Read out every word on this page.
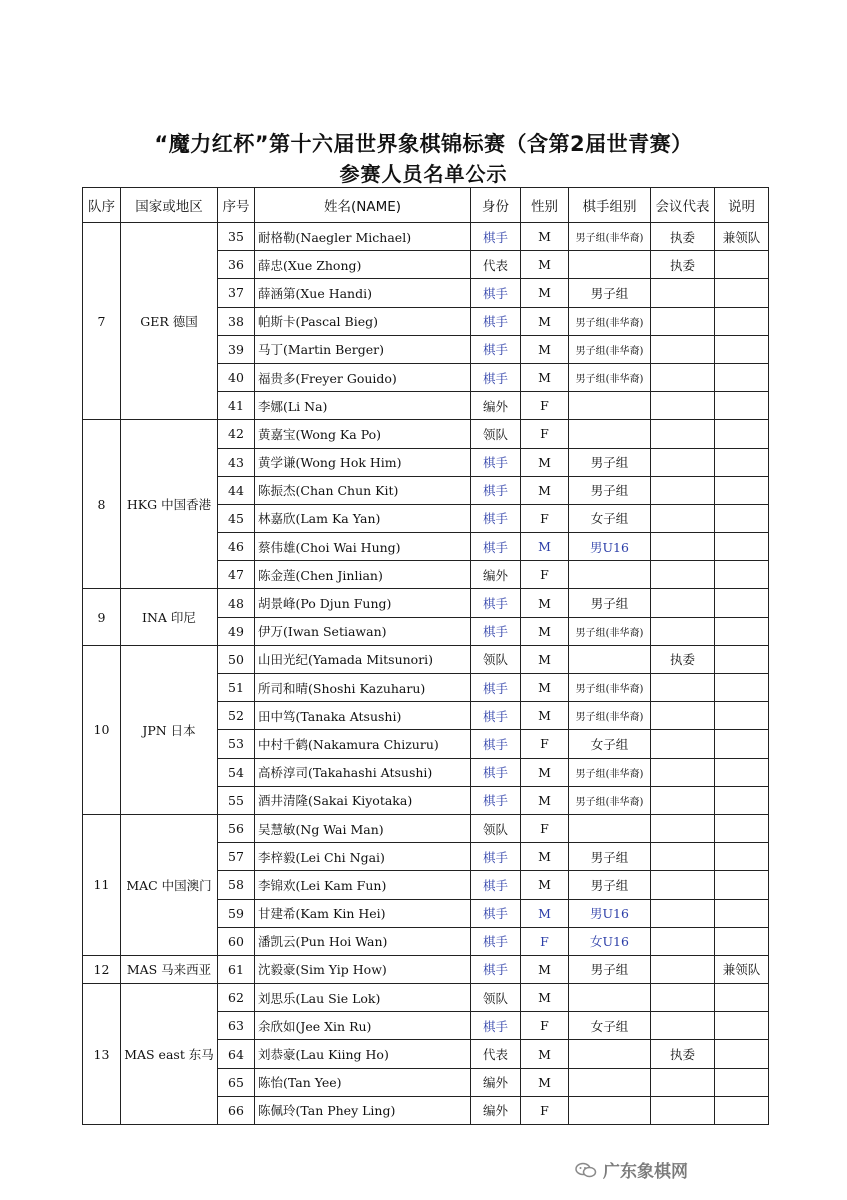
“魔力红杯”第十六届世界象棋锦标赛（含第2届世青赛）
参赛人员名单公示
队序	国家或地区	序号	姓名(NAME)	身份	性别	棋手组别	会议代表	说明
7	GER 德国	35	耐格勒(Naegler Michael)	棋手	M	男子组(非华裔)	执委	兼领队
		36	薛忠(Xue Zhong)	代表	M		执委	
		37	薛涵第(Xue Handi)	棋手	M	男子组		
		38	帕斯卡(Pascal Bieg)	棋手	M	男子组(非华裔)		
		39	马丁(Martin Berger)	棋手	M	男子组(非华裔)		
		40	福贵多(Freyer Gouido)	棋手	M	男子组(非华裔)		
		41	李娜(Li Na)	编外	F			
8	HKG 中国香港	42	黄嘉宝(Wong Ka Po)	领队	F			
		43	黄学谦(Wong Hok Him)	棋手	M	男子组		
		44	陈振杰(Chan Chun Kit)	棋手	M	男子组		
		45	林嘉欣(Lam Ka Yan)	棋手	F	女子组		
		46	蔡伟雄(Choi Wai Hung)	棋手	M	男U16		
		47	陈金莲(Chen Jinlian)	编外	F			
9	INA 印尼	48	胡景峰(Po Djun Fung)	棋手	M	男子组		
		49	伊万(Iwan Setiawan)	棋手	M	男子组(非华裔)		
10	JPN 日本	50	山田光纪(Yamada Mitsunori)	领队	M		执委	
		51	所司和晴(Shoshi Kazuharu)	棋手	M	男子组(非华裔)		
		52	田中笃(Tanaka Atsushi)	棋手	M	男子组(非华裔)		
		53	中村千鹤(Nakamura Chizuru)	棋手	F	女子组		
		54	高桥淳司(Takahashi Atsushi)	棋手	M	男子组(非华裔)		
		55	酒井清隆(Sakai Kiyotaka)	棋手	M	男子组(非华裔)		
11	MAC 中国澳门	56	吴慧敏(Ng Wai Man)	领队	F			
		57	李梓毅(Lei Chi Ngai)	棋手	M	男子组		
		58	李锦欢(Lei Kam Fun)	棋手	M	男子组		
		59	甘建希(Kam Kin Hei)	棋手	M	男U16		
		60	潘凯云(Pun Hoi Wan)	棋手	F	女U16		
12	MAS 马来西亚	61	沈毅豪(Sim Yip How)	棋手	M	男子组		兼领队
13	MAS east 东马	62	刘思乐(Lau Sie Lok)	领队	M			
		63	余欣如(Jee Xin Ru)	棋手	F	女子组		
		64	刘恭豪(Lau Kiing Ho)	代表	M		执委	
		65	陈怡(Tan Yee)	编外	M			
		66	陈佩玲(Tan Phey Ling)	编外	F			
广东象棋网
